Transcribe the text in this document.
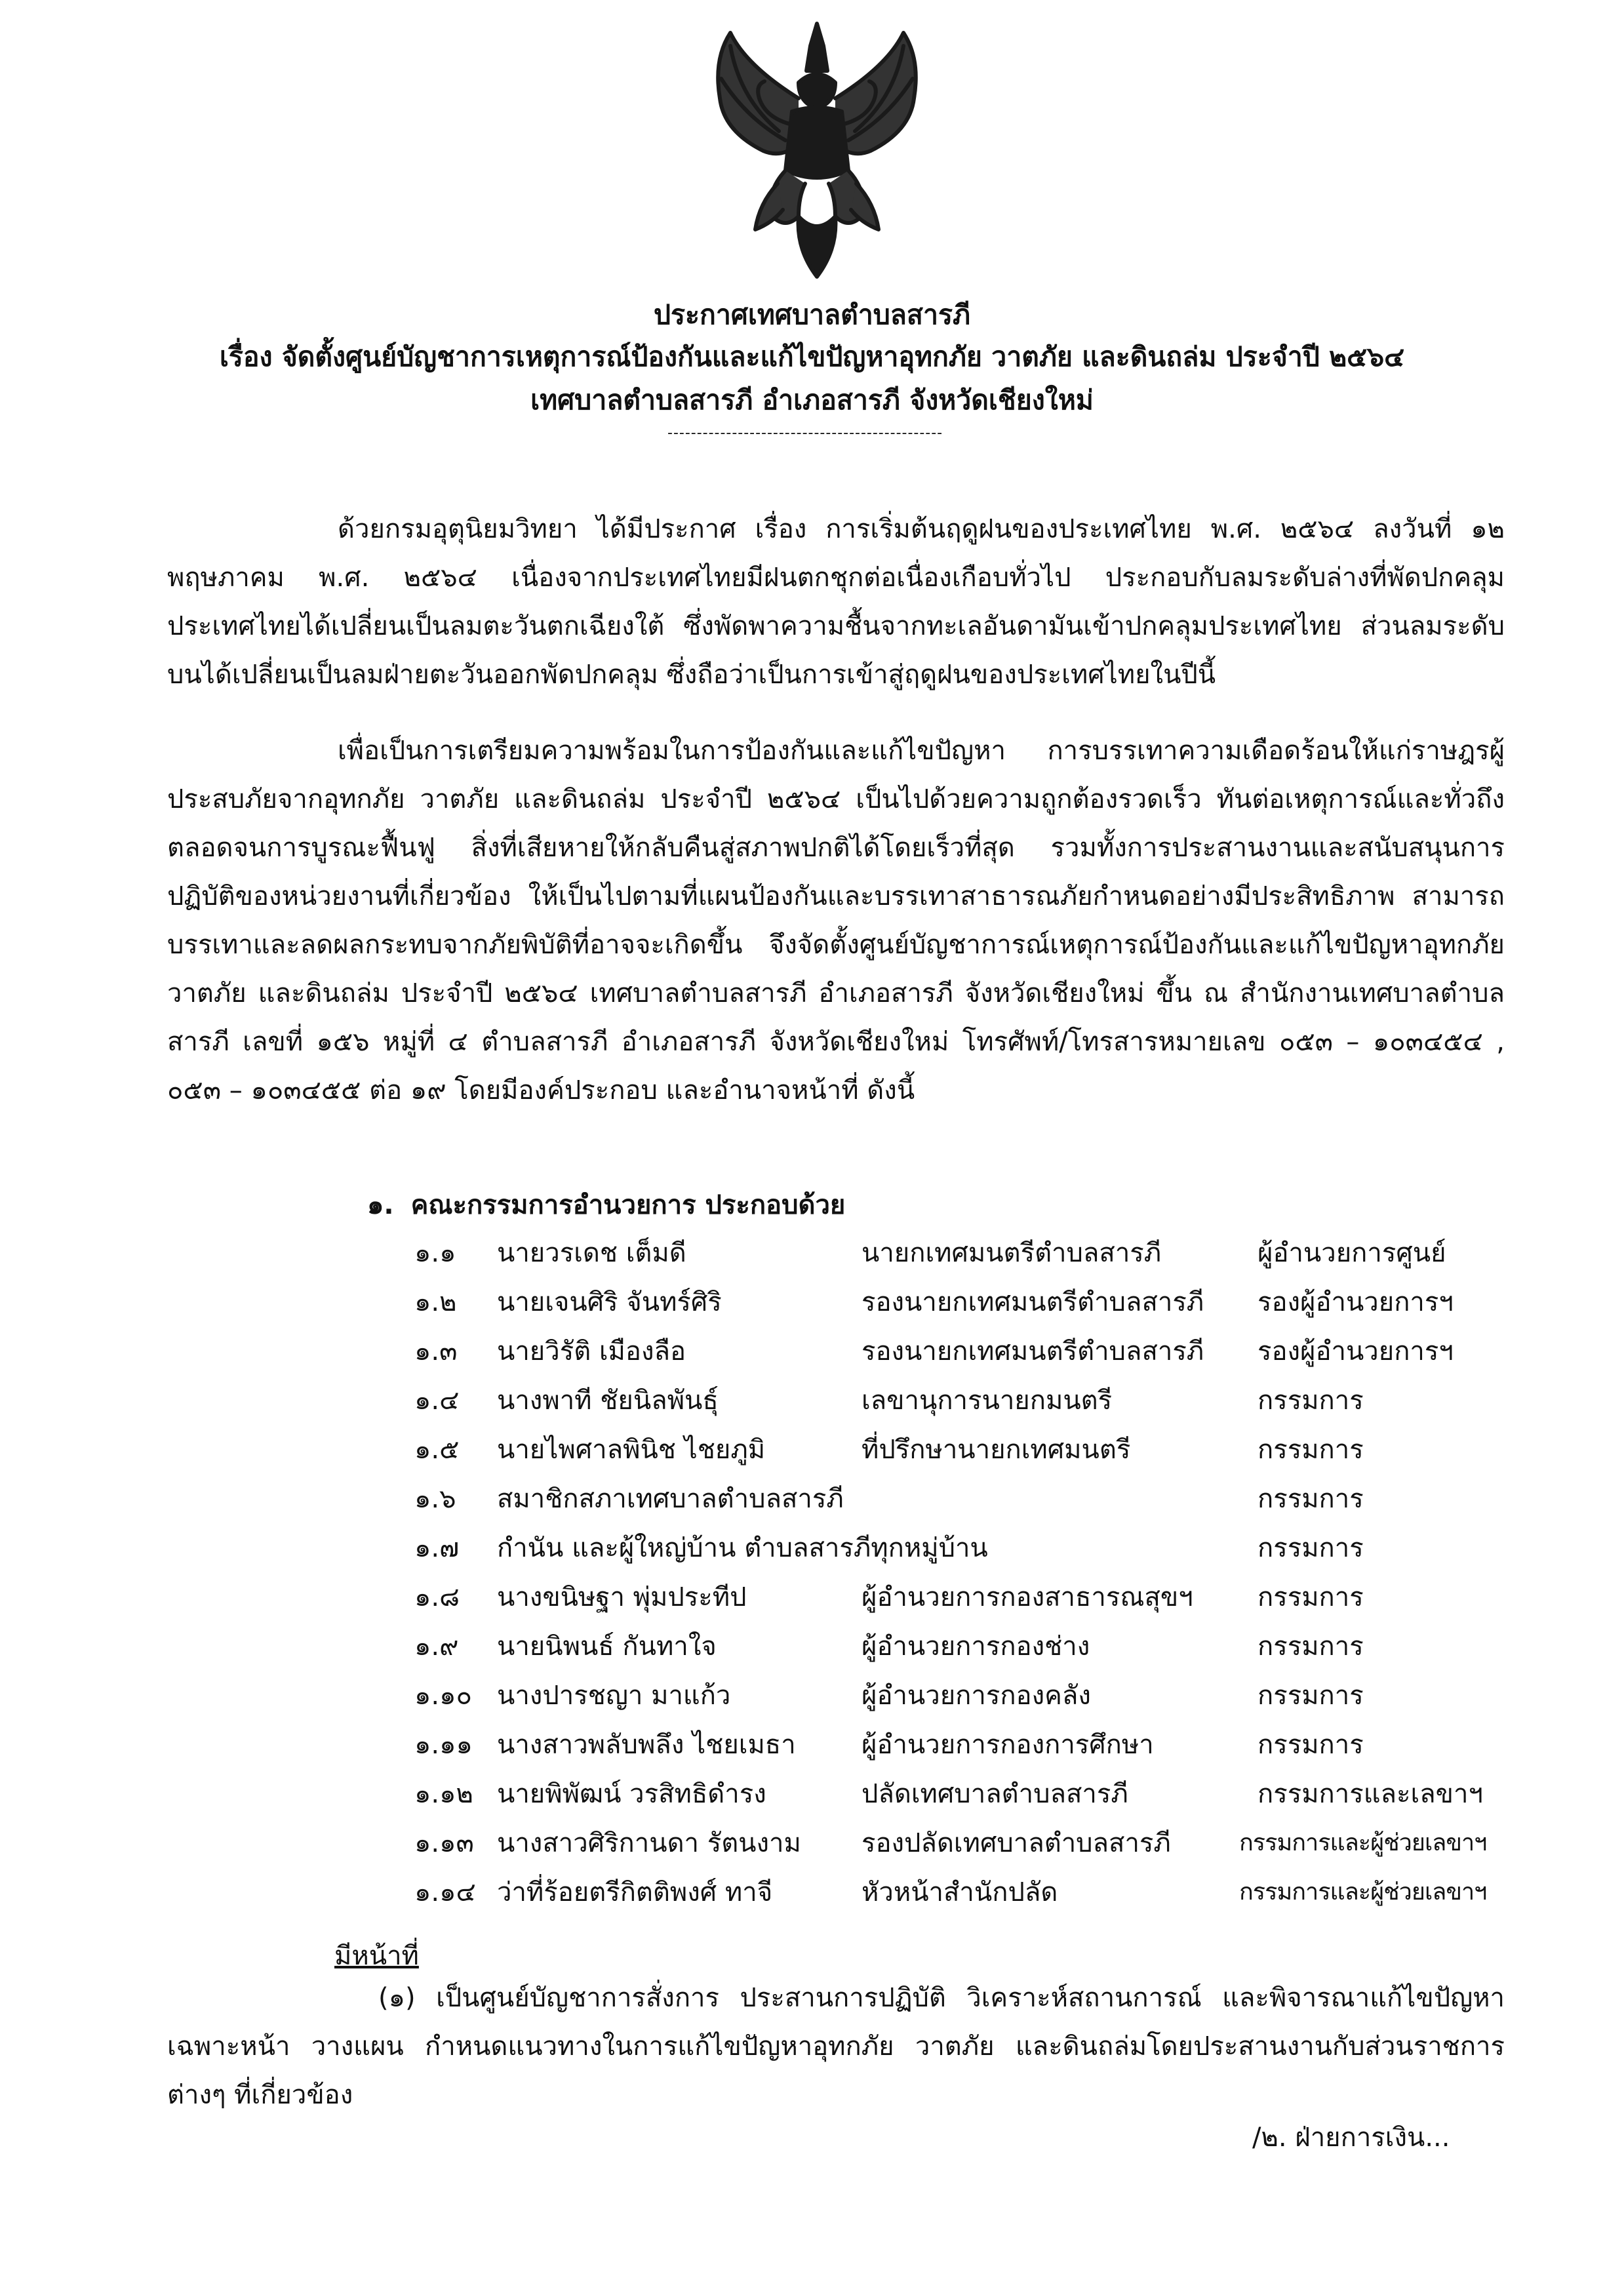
ประกาศเทศบาลตำบลสารภี
เรื่อง จัดตั้งศูนย์บัญชาการเหตุการณ์ป้องกันและแก้ไขปัญหาอุทกภัย วาตภัย และดินถล่ม ประจำปี ๒๕๖๔
เทศบาลตำบลสารภี อำเภอสารภี จังหวัดเชียงใหม่
-----------------------------------------------
ด้วยกรมอุตุนิยมวิทยา ได้มีประกาศ เรื่อง การเริ่มต้นฤดูฝนของประเทศไทย พ.ศ. ๒๕๖๔ ลงวันที่ ๑๒ พฤษภาคม พ.ศ. ๒๕๖๔ เนื่องจากประเทศไทยมีฝนตกชุกต่อเนื่องเกือบทั่วไป ประกอบกับลมระดับล่างที่พัดปกคลุมประเทศไทยได้เปลี่ยนเป็นลมตะวันตกเฉียงใต้ ซึ่งพัดพาความชื้นจากทะเลอันดามันเข้าปกคลุมประเทศไทย ส่วนลมระดับบนได้เปลี่ยนเป็นลมฝ่ายตะวันออกพัดปกคลุม ซึ่งถือว่าเป็นการเข้าสู่ฤดูฝนของประเทศไทยในปีนี้
เพื่อเป็นการเตรียมความพร้อมในการป้องกันและแก้ไขปัญหา การบรรเทาความเดือดร้อนให้แก่ราษฎรผู้ประสบภัยจากอุทกภัย วาตภัย และดินถล่ม ประจำปี ๒๕๖๔ เป็นไปด้วยความถูกต้องรวดเร็ว ทันต่อเหตุการณ์และทั่วถึง ตลอดจนการบูรณะฟื้นฟู สิ่งที่เสียหายให้กลับคืนสู่สภาพปกติได้โดยเร็วที่สุด รวมทั้งการประสานงานและสนับสนุนการปฏิบัติของหน่วยงานที่เกี่ยวข้อง ให้เป็นไปตามที่แผนป้องกันและบรรเทาสาธารณภัยกำหนดอย่างมีประสิทธิภาพ สามารถบรรเทาและลดผลกระทบจากภัยพิบัติที่อาจจะเกิดขึ้น จึงจัดตั้งศูนย์บัญชาการณ์เหตุการณ์ป้องกันและแก้ไขปัญหาอุทกภัย วาตภัย และดินถล่ม ประจำปี ๒๕๖๔ เทศบาลตำบลสารภี อำเภอสารภี จังหวัดเชียงใหม่ ขึ้น ณ สำนักงานเทศบาลตำบลสารภี เลขที่ ๑๕๖ หมู่ที่ ๔ ตำบลสารภี อำเภอสารภี จังหวัดเชียงใหม่ โทรศัพท์/โทรสารหมายเลข ๐๕๓ – ๑๐๓๔๕๔ , ๐๕๓ – ๑๐๓๔๕๕ ต่อ ๑๙ โดยมีองค์ประกอบ และอำนาจหน้าที่ ดังนี้
๑. คณะกรรมการอำนวยการ ประกอบด้วย
๑.๑ นายวรเดช เต็มดี	นายกเทศมนตรีตำบลสารภี	ผู้อำนวยการศูนย์
๑.๒ นายเจนศิริ จันทร์ศิริ	รองนายกเทศมนตรีตำบลสารภี รองผู้อำนวยการฯ
๑.๓ นายวิรัติ เมืองลือ	รองนายกเทศมนตรีตำบลสารภี รองผู้อำนวยการฯ
๑.๔ นางพาที ชัยนิลพันธุ์	เลขานุการนายกมนตรี	กรรมการ
๑.๕ นายไพศาลพินิช ไชยภูมิ	ที่ปรึกษานายกเทศมนตรี	กรรมการ
๑.๖ สมาชิกสภาเทศบาลตำบลสารภี	กรรมการ
๑.๗ กำนัน และผู้ใหญ่บ้าน ตำบลสารภีทุกหมู่บ้าน	กรรมการ
๑.๘ นางขนิษฐา พุ่มประทีป	ผู้อำนวยการกองสาธารณสุขฯ กรรมการ
๑.๙ นายนิพนธ์ กันทาใจ	ผู้อำนวยการกองช่าง	กรรมการ
๑.๑๐ นางปารชญา มาแก้ว	ผู้อำนวยการกองคลัง	กรรมการ
๑.๑๑ นางสาวพลับพลึง ไชยเมธา	ผู้อำนวยการกองการศึกษา	กรรมการ
๑.๑๒ นายพิพัฒน์ วรสิทธิดำรง	ปลัดเทศบาลตำบลสารภี	กรรมการและเลขาฯ
๑.๑๓ นางสาวศิริกานดา รัตนงาม รองปลัดเทศบาลตำบลสารภี	กรรมการและผู้ช่วยเลขาฯ
๑.๑๔ ว่าที่ร้อยตรีกิตติพงศ์ ทาจี	หัวหน้าสำนักปลัด	กรรมการและผู้ช่วยเลขาฯ
มีหน้าที่
(๑) เป็นศูนย์บัญชาการสั่งการ ประสานการปฏิบัติ วิเคราะห์สถานการณ์ และพิจารณาแก้ไขปัญหาเฉพาะหน้า วางแผน กำหนดแนวทางในการแก้ไขปัญหาอุทกภัย วาตภัย และดินถล่มโดยประสานงานกับส่วนราชการต่างๆ ที่เกี่ยวข้อง
/๒. ฝ่ายการเงิน...
